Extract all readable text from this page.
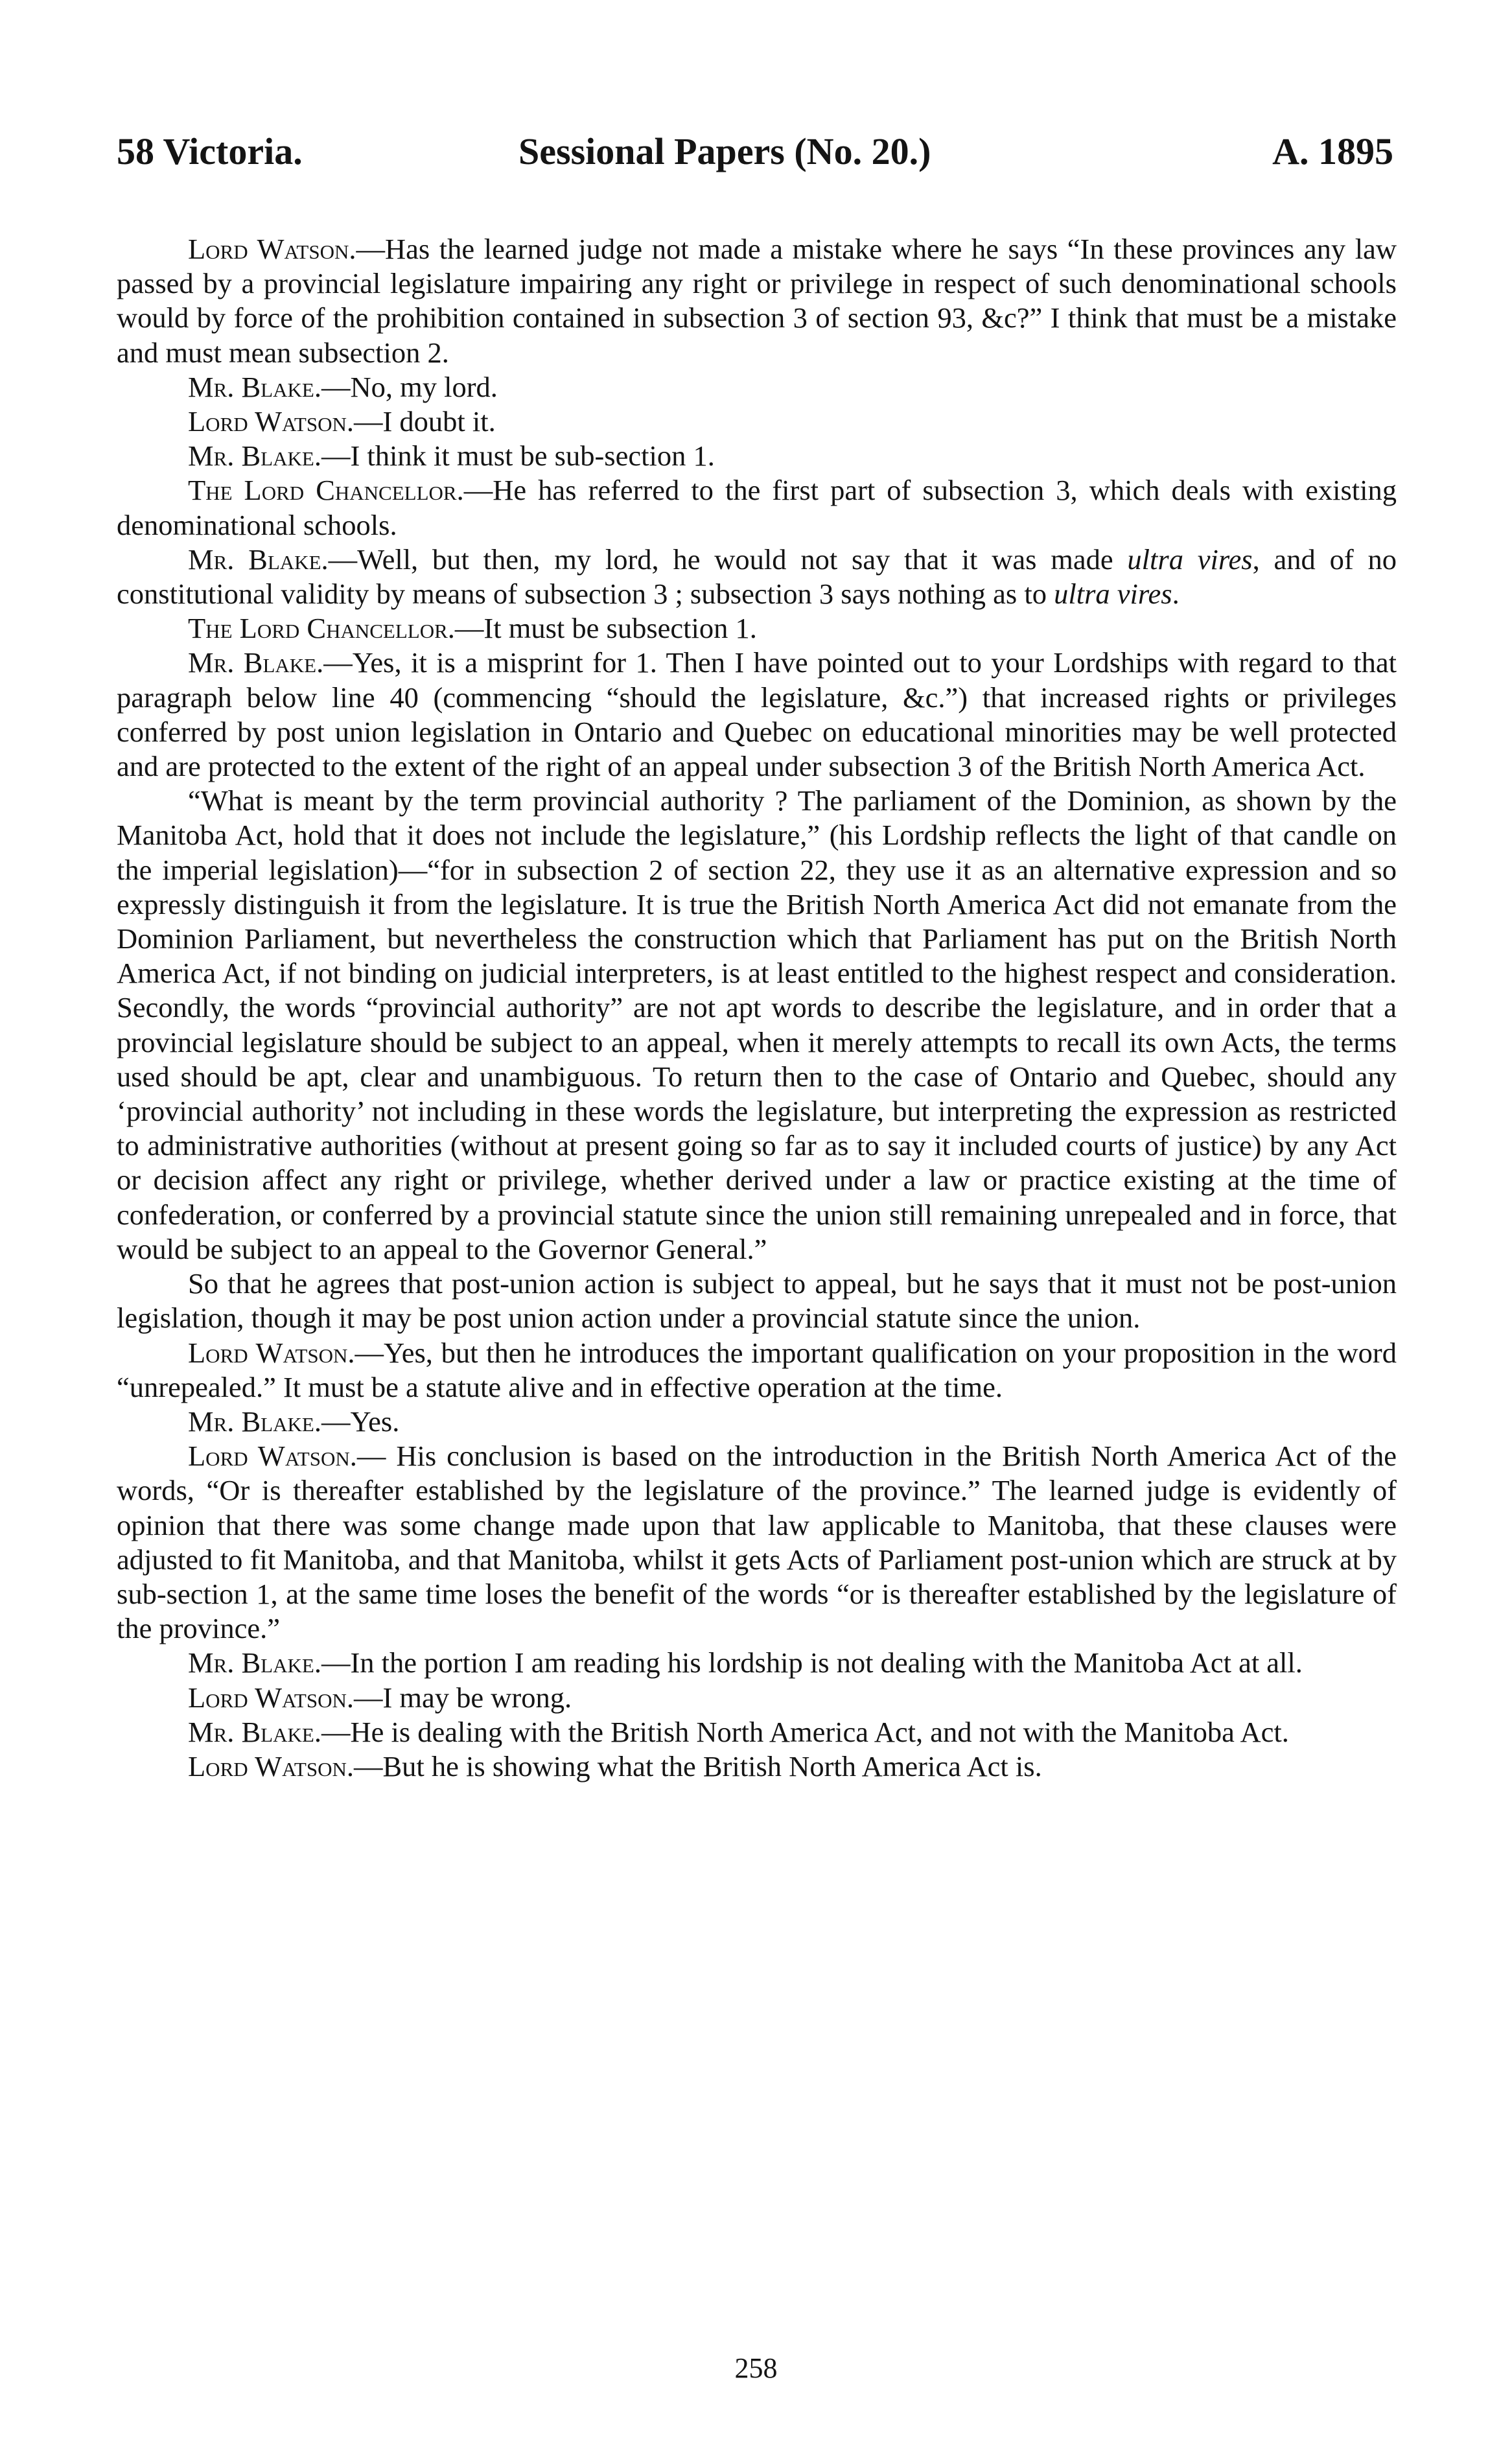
58 Victoria.	Sessional Papers (No. 20.)	A. 1895

Lord Watson.—Has the learned judge not made a mistake where he says “In these provinces any law passed by a provincial legislature impairing any right or privilege in respect of such denominational schools would by force of the prohibition contained in subsection 3 of section 93, &c?” I think that must be a mistake and must mean subsection 2.

Mr. Blake.—No, my lord.

Lord Watson.—I doubt it.

Mr. Blake.—I think it must be sub-section 1.

The Lord Chancellor.—He has referred to the first part of subsection 3, which deals with existing denominational schools.

Mr. Blake.—Well, but then, my lord, he would not say that it was made ultra vires, and of no constitutional validity by means of subsection 3 ; subsection 3 says nothing as to ultra vires.

The Lord Chancellor.—It must be subsection 1.

Mr. Blake.—Yes, it is a misprint for 1. Then I have pointed out to your Lordships with regard to that paragraph below line 40 (commencing “should the legislature, &c.”) that increased rights or privileges conferred by post union legislation in Ontario and Quebec on educational minorities may be well protected and are protected to the extent of the right of an appeal under subsection 3 of the British North America Act.

“What is meant by the term provincial authority ? The parliament of the Dominion, as shown by the Manitoba Act, hold that it does not include the legislature,” (his Lordship reflects the light of that candle on the imperial legislation)—“for in subsection 2 of section 22, they use it as an alternative expression and so expressly distinguish it from the legislature. It is true the British North America Act did not emanate from the Dominion Parliament, but nevertheless the construction which that Parliament has put on the British North America Act, if not binding on judicial interpreters, is at least entitled to the highest respect and consideration. Secondly, the words “provincial authority” are not apt words to describe the legislature, and in order that a provincial legislature should be subject to an appeal, when it merely attempts to recall its own Acts, the terms used should be apt, clear and unambiguous. To return then to the case of Ontario and Quebec, should any ‘provincial authority’ not including in these words the legislature, but interpreting the expression as restricted to administrative authorities (without at present going so far as to say it included courts of justice) by any Act or decision affect any right or privilege, whether derived under a law or practice existing at the time of confederation, or conferred by a provincial statute since the union still remaining unrepealed and in force, that would be subject to an appeal to the Governor General.”

So that he agrees that post-union action is subject to appeal, but he says that it must not be post-union legislation, though it may be post union action under a provincial statute since the union.

Lord Watson.—Yes, but then he introduces the important qualification on your proposition in the word “unrepealed.” It must be a statute alive and in effective operation at the time.

Mr. Blake.—Yes.

Lord Watson.— His conclusion is based on the introduction in the British North America Act of the words, “Or is thereafter established by the legislature of the province.” The learned judge is evidently of opinion that there was some change made upon that law applicable to Manitoba, that these clauses were adjusted to fit Manitoba, and that Manitoba, whilst it gets Acts of Parliament post-union which are struck at by sub-section 1, at the same time loses the benefit of the words “or is thereafter established by the legislature of the province.”

Mr. Blake.—In the portion I am reading his lordship is not dealing with the Manitoba Act at all.

Lord Watson.—I may be wrong.

Mr. Blake.—He is dealing with the British North America Act, and not with the Manitoba Act.

Lord Watson.—But he is showing what the British North America Act is.

258
